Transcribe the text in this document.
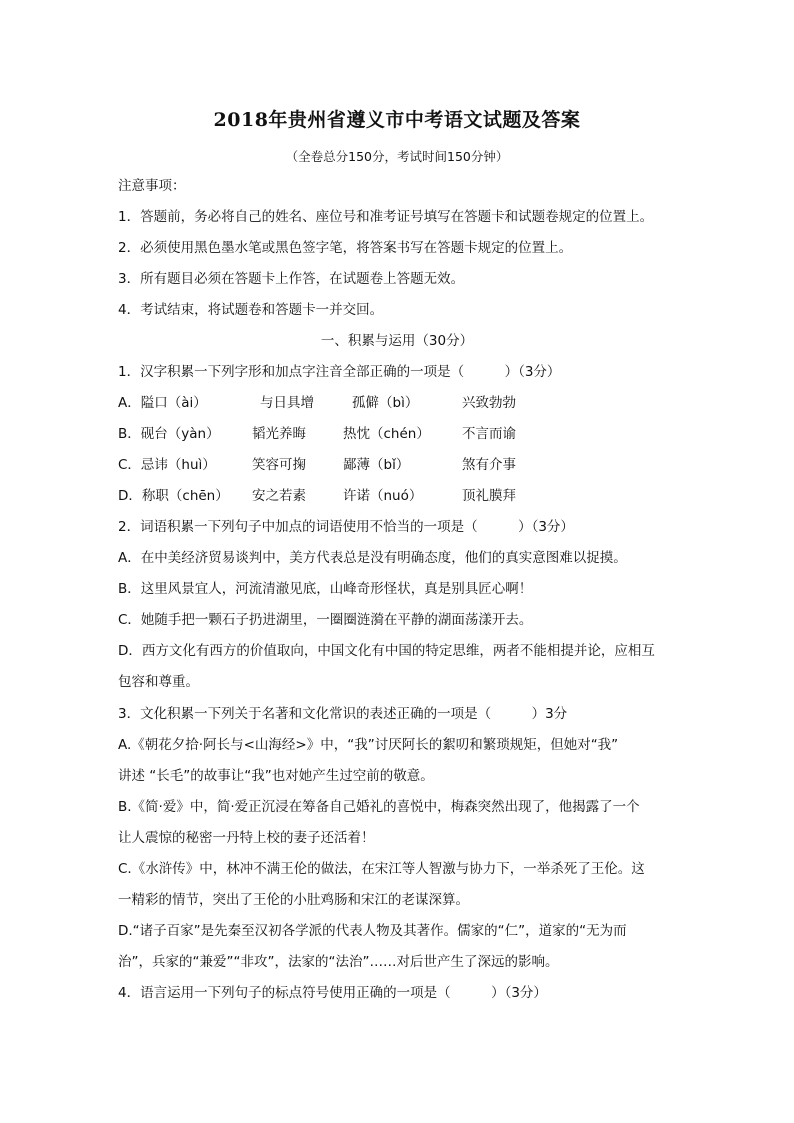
2018年贵州省遵义市中考语文试题及答案
（全卷总分150分，考试时间150分钟）
注意事项：
1．答题前，务必将自己的姓名、座位号和准考证号填写在答题卡和试题卷规定的位置上。
2．必须使用黑色墨水笔或黑色签字笔，将答案书写在答题卡规定的位置上。
3．所有题目必须在答题卡上作答，在试题卷上答题无效。
4．考试结束，将试题卷和答题卡一并交回。
一、积累与运用（30分）
1．汉字积累一下列字形和加点字注音全部正确的一项是（　　　）（3分）
A．隘口（ài）	与日具增	孤僻（bì）	兴致勃勃
B．砚台（yàn） 韬光养晦	热忱（chén） 不言而谕
C．忌讳（huì）	笑容可掬	鄙薄（bǐ）	煞有介事
D．称职（chēn） 安之若素	许诺（nuó）	顶礼膜拜
2．词语积累一下列句子中加点的词语使用不恰当的一项是（　　　）（3分）
A．在中美经济贸易谈判中，美方代表总是没有明确态度，他们的真实意图难以捉摸。
B．这里风景宜人，河流清澈见底，山峰奇形怪状，真是别具匠心啊！
C．她随手把一颗石子扔进湖里，一圈圈涟漪在平静的湖面荡漾开去。
D．西方文化有西方的价值取向，中国文化有中国的特定思维，两者不能相提并论，应相互
包容和尊重。
3．文化积累一下列关于名著和文化常识的表述正确的一项是（　　　）3分
A.《朝花夕拾·阿长与<山海经>》中，“我”讨厌阿长的絮叨和繁琐规矩，但她对“我”
讲述 “长毛”的故事让“我”也对她产生过空前的敬意。
B.《简·爱》中，简·爱正沉浸在筹备自己婚礼的喜悦中，梅森突然出现了，他揭露了一个
让人震惊的秘密一丹特上校的妻子还活着！
C.《水浒传》中，林冲不满王伦的做法，在宋江等人智激与协力下，一举杀死了王伦。这
一精彩的情节，突出了王伦的小肚鸡肠和宋江的老谋深算。
D.“诸子百家”是先秦至汉初各学派的代表人物及其著作。儒家的“仁”，道家的“无为而
治”，兵家的“兼爱”“非攻”，法家的“法治”……对后世产生了深远的影响。
4．语言运用一下列句子的标点符号使用正确的一项是（　　　）（3分）
